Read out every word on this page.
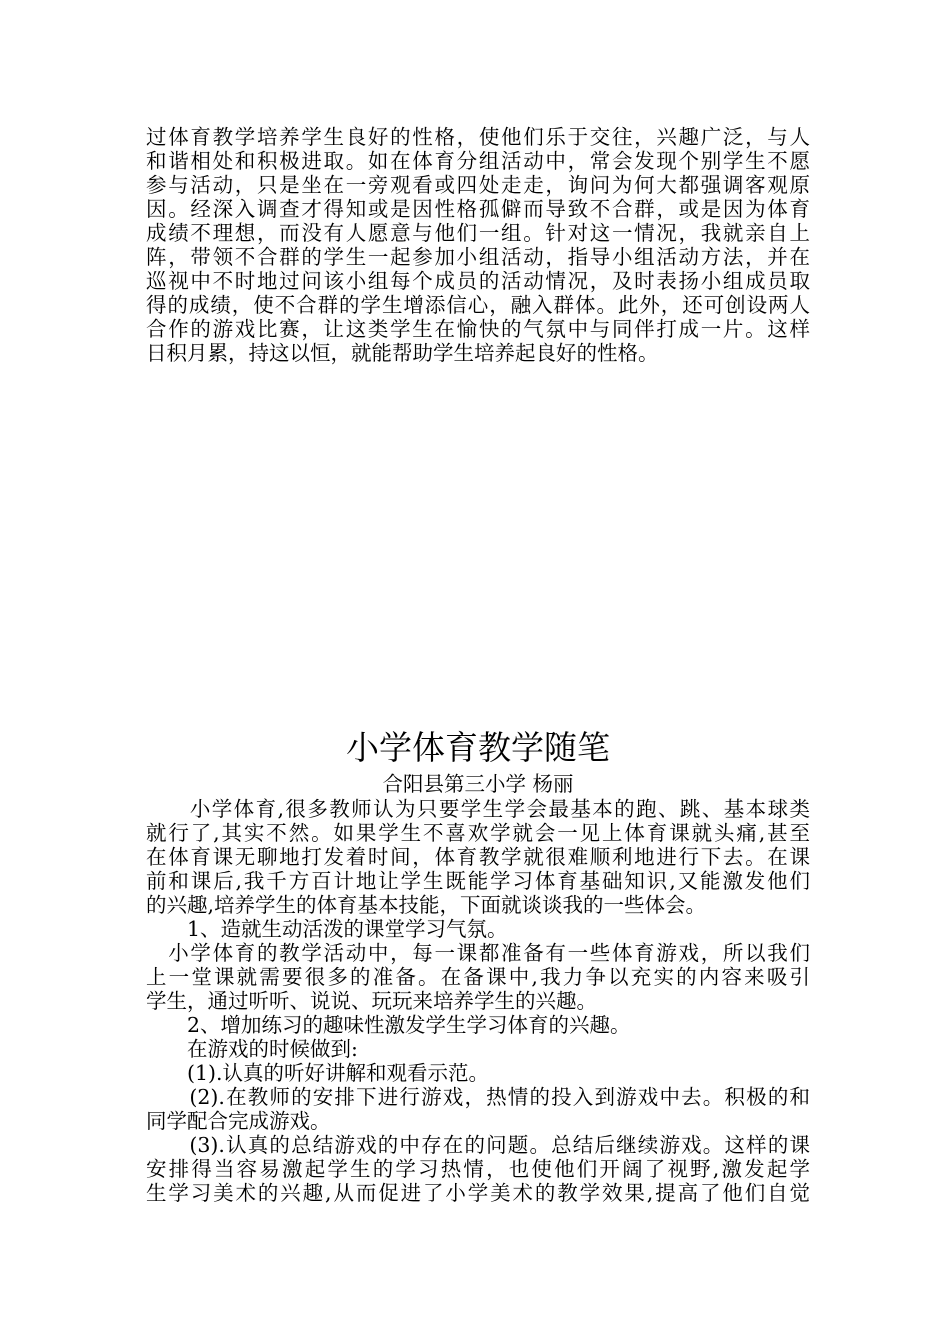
过体育教学培养学生良好的性格，使他们乐于交往，兴趣广泛，与人
和谐相处和积极进取。如在体育分组活动中，常会发现个别学生不愿
参与活动，只是坐在一旁观看或四处走走，询问为何大都强调客观原
因。经深入调查才得知或是因性格孤僻而导致不合群，或是因为体育
成绩不理想，而没有人愿意与他们一组。针对这一情况，我就亲自上
阵，带领不合群的学生一起参加小组活动，指导小组活动方法，并在
巡视中不时地过问该小组每个成员的活动情况，及时表扬小组成员取
得的成绩，使不合群的学生增添信心，融入群体。此外，还可创设两人
合作的游戏比赛，让这类学生在愉快的气氛中与同伴打成一片。这样
日积月累，持这以恒，就能帮助学生培养起良好的性格。
小学体育教学随笔
合阳县第三小学 杨丽
　　小学体育,很多教师认为只要学生学会最基本的跑、跳、基本球类
就行了,其实不然。如果学生不喜欢学就会一见上体育课就头痛,甚至
在体育课无聊地打发着时间，体育教学就很难顺利地进行下去。在课
前和课后,我千方百计地让学生既能学习体育基础知识,又能激发他们
的兴趣,培养学生的体育基本技能，下面就谈谈我的一些体会。
　　1、造就生动活泼的课堂学习气氛。
　小学体育的教学活动中，每一课都准备有一些体育游戏，所以我们
上一堂课就需要很多的准备。在备课中,我力争以充实的内容来吸引
学生，通过听听、说说、玩玩来培养学生的兴趣。
　　2、增加练习的趣味性激发学生学习体育的兴趣。
　　在游戏的时候做到:
　　(1).认真的听好讲解和观看示范。
　　(2).在教师的安排下进行游戏，热情的投入到游戏中去。积极的和
同学配合完成游戏。
　　(3).认真的总结游戏的中存在的问题。总结后继续游戏。这样的课
安排得当容易激起学生的学习热情，也使他们开阔了视野,激发起学
生学习美术的兴趣,从而促进了小学美术的教学效果,提高了他们自觉
